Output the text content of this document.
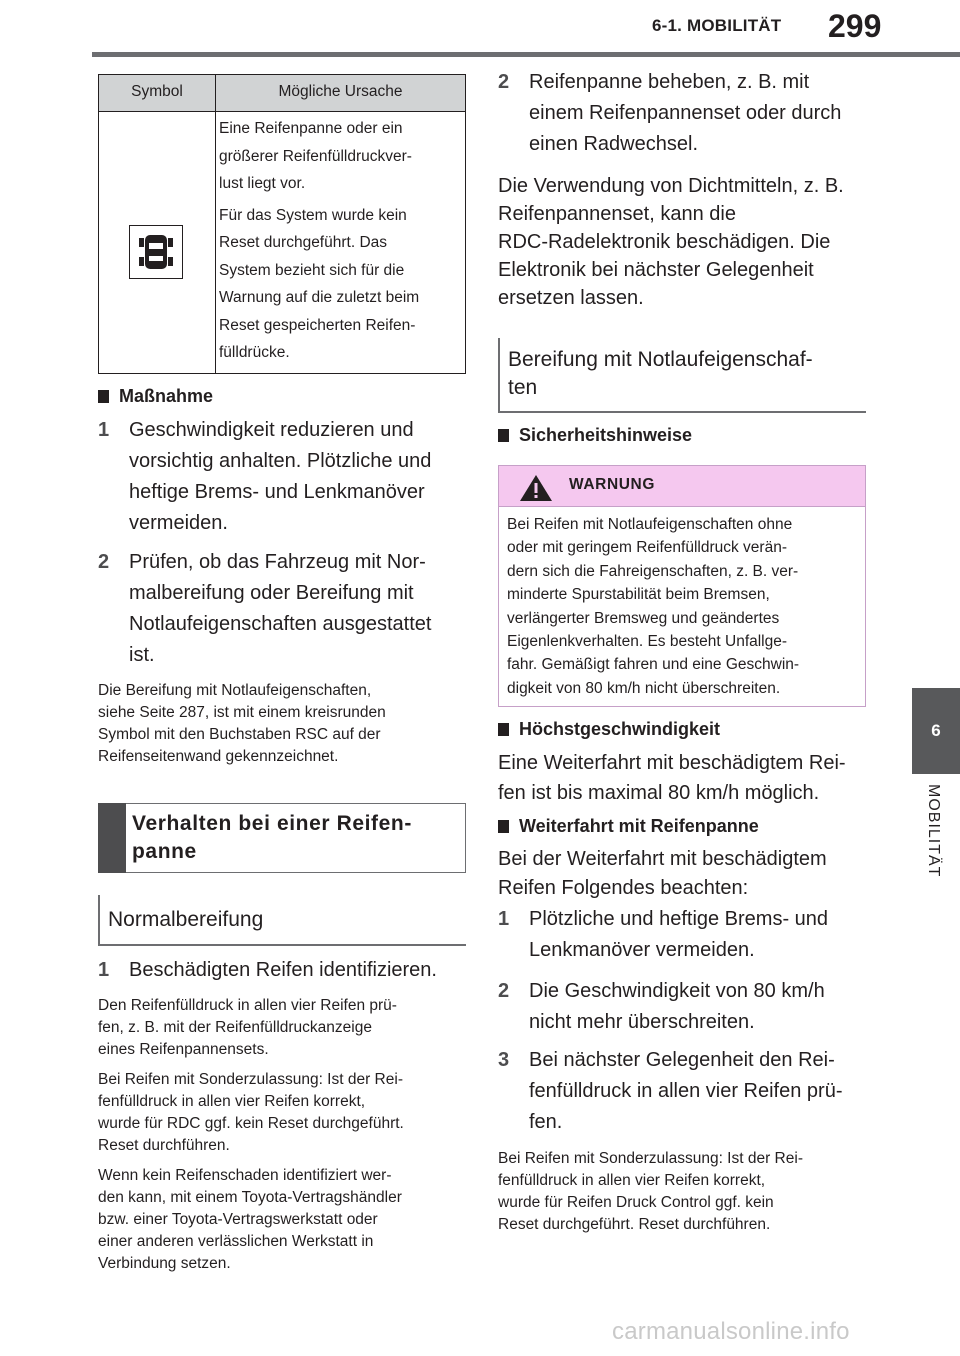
6-1. MOBILITÄT 299
6
MOBILITÄT
Symbol	Mögliche Ursache

Eine Reifenpanne oder ein
größerer Reifenfülldruckver-
lust liegt vor.

Für das System wurde kein
Reset durchgeführt. Das
System bezieht sich für die
Warnung auf die zuletzt beim
Reset gespeicherten Reifen-
fülldrücke.

Maßnahme
1 Geschwindigkeit reduzieren und
vorsichtig anhalten. Plötzliche und
heftige Brems- und Lenkmanöver
vermeiden.
2 Prüfen, ob das Fahrzeug mit Nor-
malbereifung oder Bereifung mit
Notlaufeigenschaften ausgestattet
ist.
Die Bereifung mit Notlaufeigenschaften,
siehe Seite 287, ist mit einem kreisrunden
Symbol mit den Buchstaben RSC auf der
Reifenseitenwand gekennzeichnet.
Verhalten bei einer Reifen-
panne
Normalbereifung
1 Beschädigten Reifen identifizieren.
Den Reifenfülldruck in allen vier Reifen prü-
fen, z. B. mit der Reifenfülldruckanzeige
eines Reifenpannensets.
Bei Reifen mit Sonderzulassung: Ist der Rei-
fenfülldruck in allen vier Reifen korrekt,
wurde für RDC ggf. kein Reset durchgeführt.
Reset durchführen.
Wenn kein Reifenschaden identifiziert wer-
den kann, mit einem Toyota-Vertragshändler
bzw. einer Toyota-Vertragswerkstatt oder
einer anderen verlässlichen Werkstatt in
Verbindung setzen.
2 Reifenpanne beheben, z. B. mit
einem Reifenpannenset oder durch
einen Radwechsel.
Die Verwendung von Dichtmitteln, z. B.
Reifenpannenset, kann die
RDC-Radelektronik beschädigen. Die
Elektronik bei nächster Gelegenheit
ersetzen lassen.
Bereifung mit Notlaufeigenschaf-
ten
Sicherheitshinweise
WARNUNG
Bei Reifen mit Notlaufeigenschaften ohne
oder mit geringem Reifenfülldruck verän-
dern sich die Fahreigenschaften, z. B. ver-
minderte Spurstabilität beim Bremsen,
verlängerter Bremsweg und geändertes
Eigenlenkverhalten. Es besteht Unfallge-
fahr. Gemäßigt fahren und eine Geschwin-
digkeit von 80 km/h nicht überschreiten.
Höchstgeschwindigkeit
Eine Weiterfahrt mit beschädigtem Rei-
fen ist bis maximal 80 km/h möglich.
Weiterfahrt mit Reifenpanne
Bei der Weiterfahrt mit beschädigtem
Reifen Folgendes beachten:
1 Plötzliche und heftige Brems- und
Lenkmanöver vermeiden.
2 Die Geschwindigkeit von 80 km/h
nicht mehr überschreiten.
3 Bei nächster Gelegenheit den Rei-
fenfülldruck in allen vier Reifen prü-
fen.
Bei Reifen mit Sonderzulassung: Ist der Rei-
fenfülldruck in allen vier Reifen korrekt,
wurde für Reifen Druck Control ggf. kein
Reset durchgeführt. Reset durchführen.
carmanualsonline.info
